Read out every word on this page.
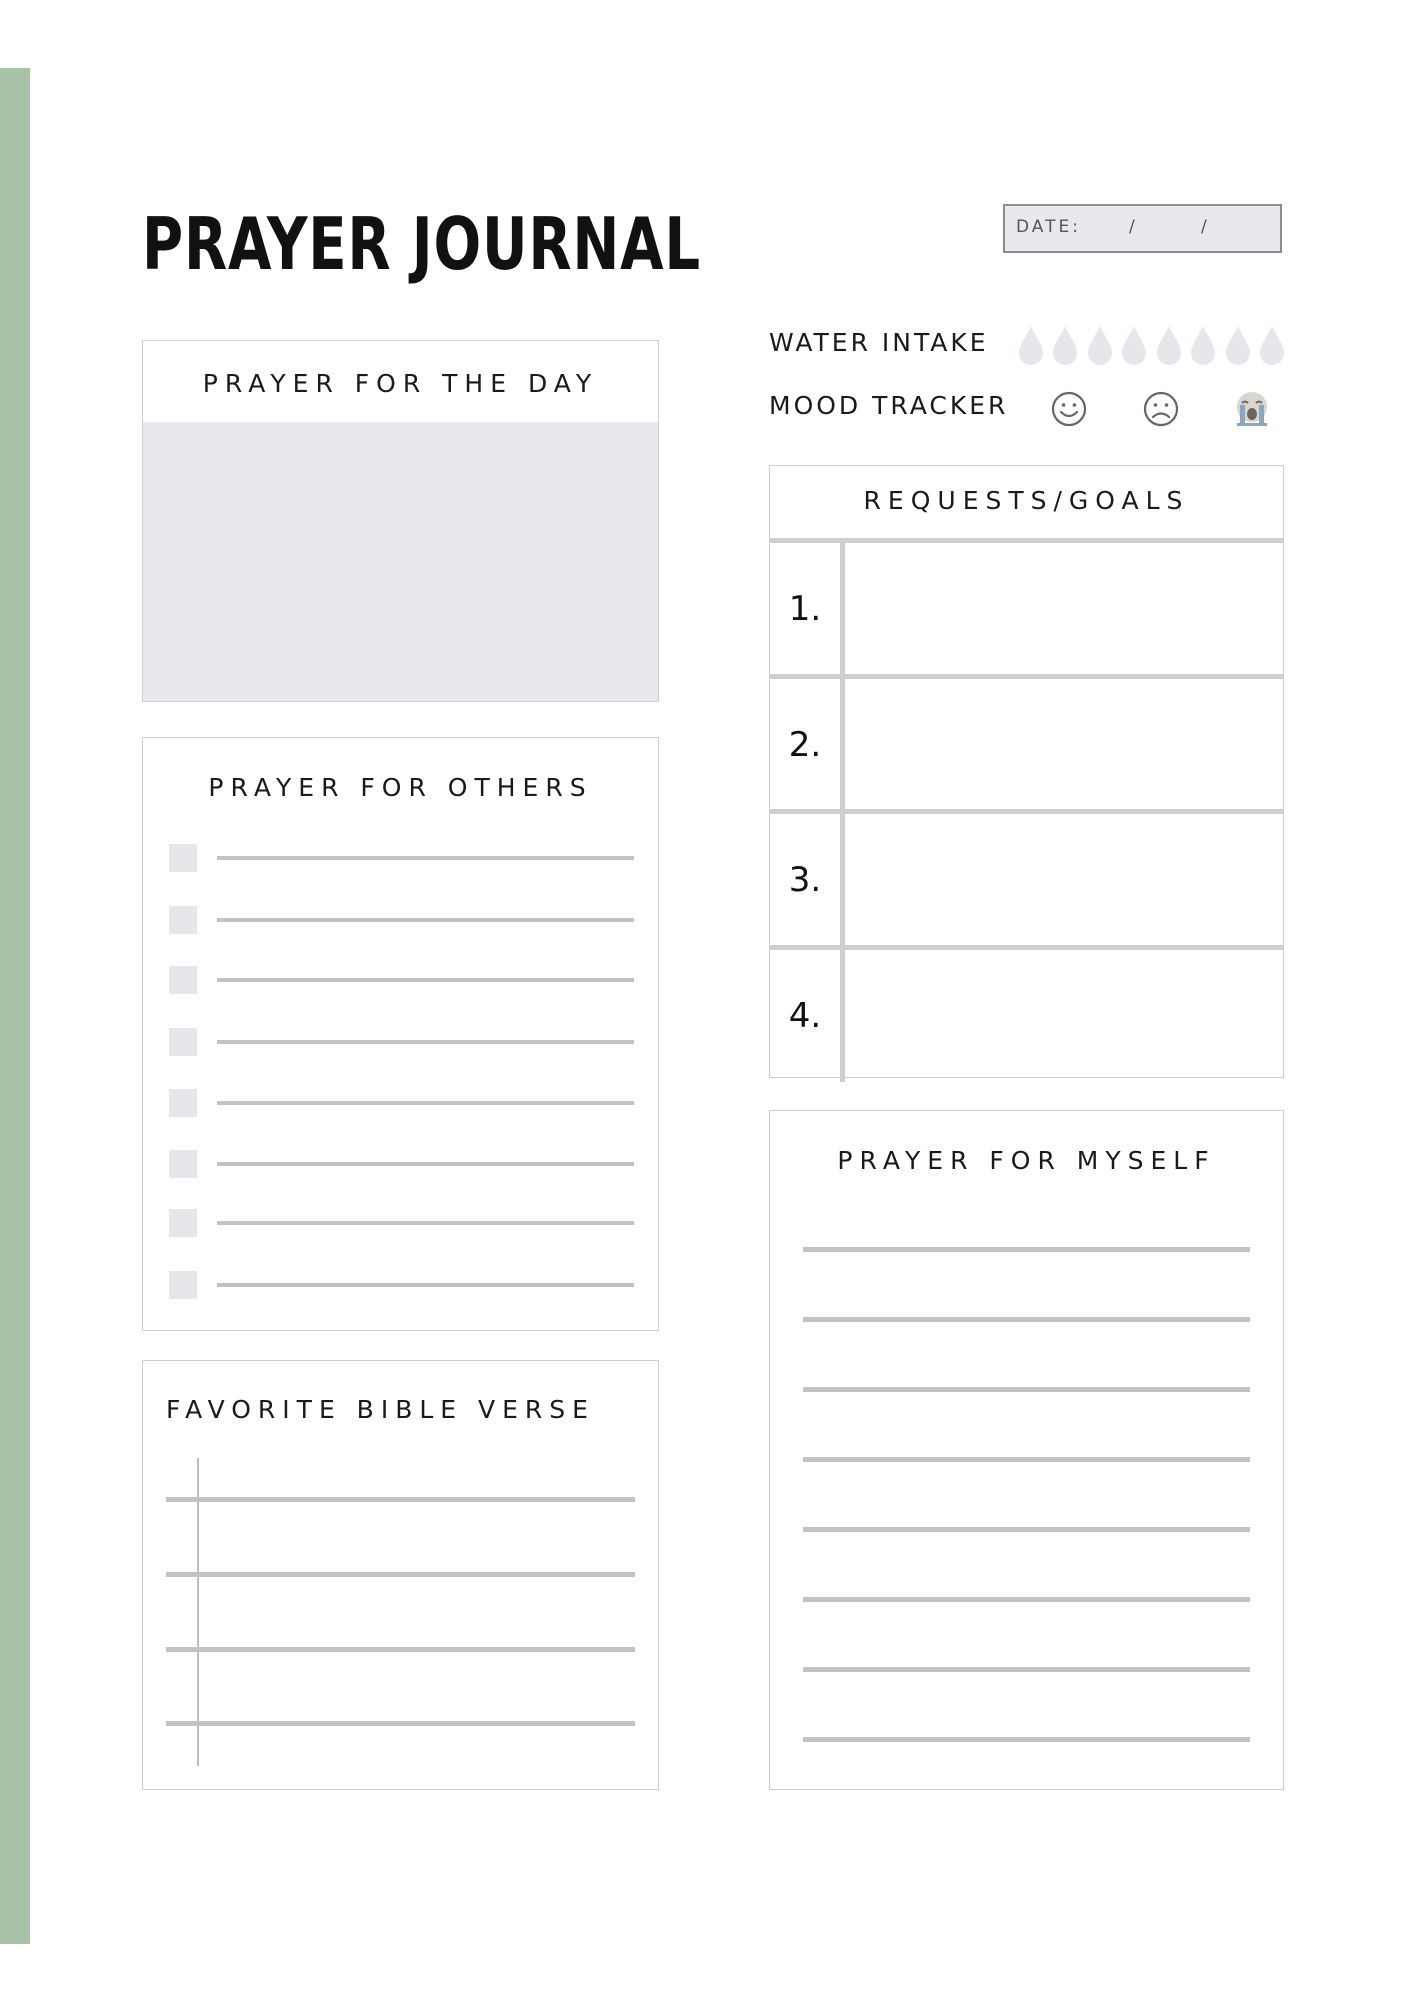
PRAYER JOURNAL	DATE:	/	/
PRAYER FOR THE DAY
PRAYER FOR OTHERS
FAVORITE BIBLE VERSE
WATER INTAKE
MOOD TRACKER
REQUESTS/GOALS
1.
2.
3.
4.
PRAYER FOR MYSELF
